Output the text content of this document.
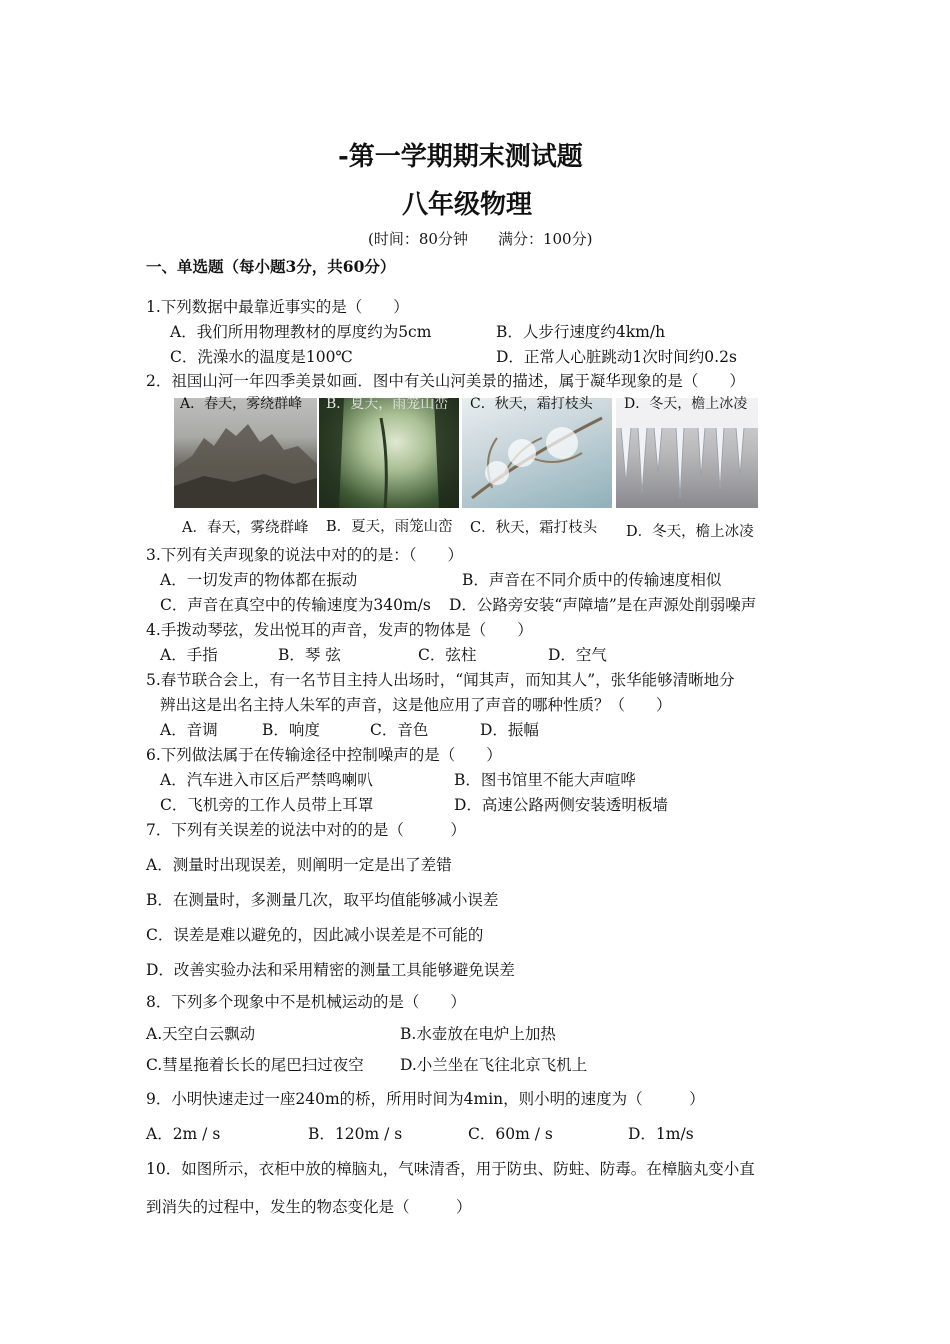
-第一学期期末测试题
八年级物理
(时间：80分钟　　满分：100分)
一、单选题（每小题3分，共60分）
1.下列数据中最靠近事实的是（　　）
A．我们所用物理教材的厚度约为5cm	B．人步行速度约4km/h
C．洗澡水的温度是100℃	D．正常人心脏跳动1次时间约0.2s
2．祖国山河一年四季美景如画．图中有关山河美景的描述，属于凝华现象的是（　　）
A．春天，雾绕群峰 B．夏天，雨笼山峦 C．秋天，霜打枝头 D．冬天，檐上冰凌
A．春天，雾绕群峰 B．夏天，雨笼山峦 C．秋天，霜打枝头 D．冬天，檐上冰凌
3.下列有关声现象的说法中对的的是：（　　）
A．一切发声的物体都在振动	B．声音在不同介质中的传输速度相似
C．声音在真空中的传输速度为340m/s D．公路旁安装“声障墙”是在声源处削弱噪声
4.手拨动琴弦，发出悦耳的声音，发声的物体是（　　）
A．手指	B．琴 弦	C．弦柱	D．空气
5.春节联合会上，有一名节目主持人出场时，“闻其声，而知其人”，张华能够清晰地分
辨出这是出名主持人朱军的声音，这是他应用了声音的哪种性质？（　　）
A．音调	B．响度	C．音色	D．振幅
6.下列做法属于在传输途径中控制噪声的是（　　）
A．汽车进入市区后严禁鸣喇叭	B．图书馆里不能大声喧哗
C．飞机旁的工作人员带上耳罩	D．高速公路两侧安装透明板墙
7．下列有关误差的说法中对的的是（　　　）
A．测量时出现误差，则阐明一定是出了差错
B．在测量时，多测量几次，取平均值能够减小误差
C．误差是难以避免的，因此减小误差是不可能的
D．改善实验办法和采用精密的测量工具能够避免误差
8．下列多个现象中不是机械运动的是（　　）
A.天空白云飘动	B.水壶放在电炉上加热
C.彗星拖着长长的尾巴扫过夜空 D.小兰坐在飞往北京飞机上
9．小明快速走过一座240m的桥，所用时间为4min，则小明的速度为（　　　）
A．2m / s	B．120m / s	C．60m / s	D．1m/s
10．如图所示，衣柜中放的樟脑丸，气味清香，用于防虫、防蛀、防毒。在樟脑丸变小直
到消失的过程中，发生的物态变化是（　　　）
